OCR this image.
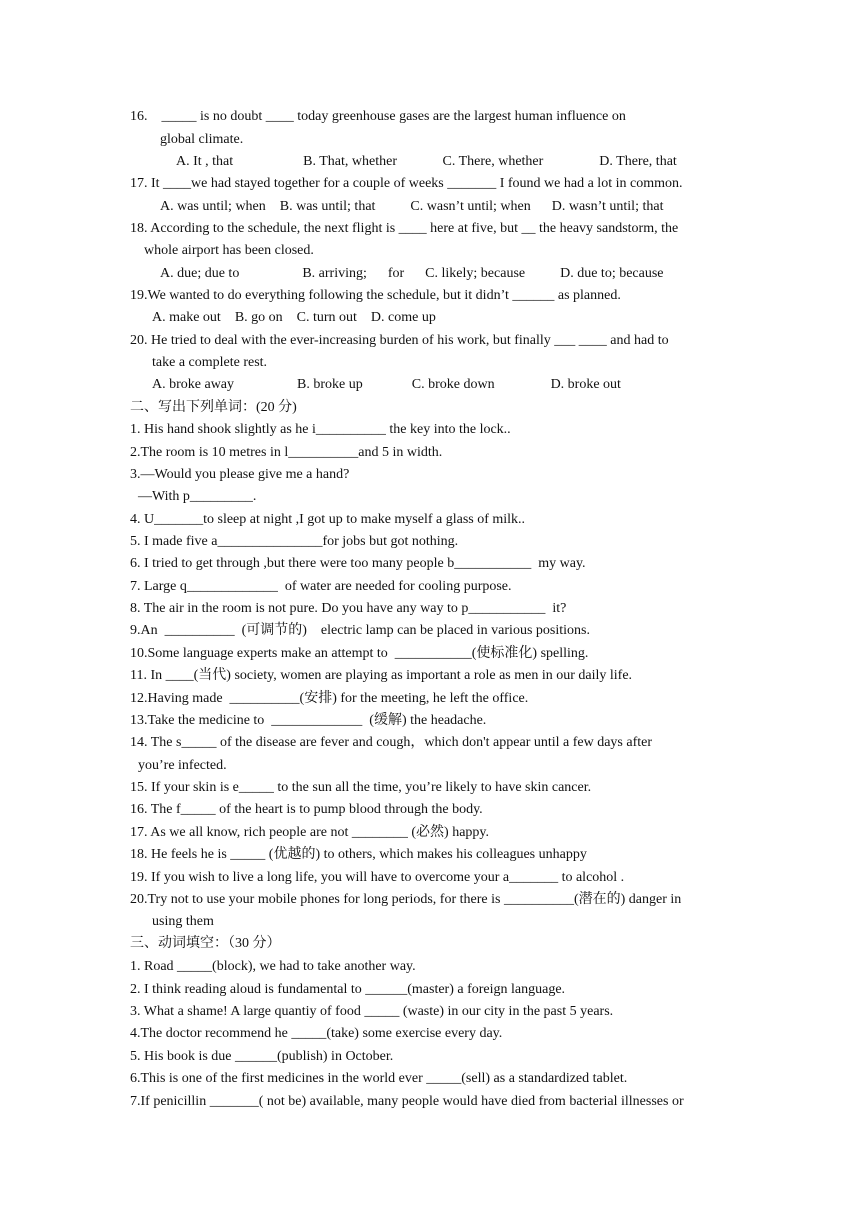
16.    _____ is no doubt ____ today greenhouse gases are the largest human influence on
global climate.
A. It , that                    B. That, whether             C. There, whether                D. There, that
17. It ____we had stayed together for a couple of weeks _______ I found we had a lot in common.
A. was until; when    B. was until; that          C. wasn’t until; when      D. wasn’t until; that
18. According to the schedule, the next flight is ____ here at five, but __ the heavy sandstorm, the
whole airport has been closed.
A. due; due to                  B. arriving;      for      C. likely; because          D. due to; because
19.We wanted to do everything following the schedule, but it didn’t ______ as planned.
A. make out    B. go on    C. turn out    D. come up
20. He tried to deal with the ever-increasing burden of his work, but finally ___ ____ and had to
take a complete rest.
A. broke away                  B. broke up              C. broke down                D. broke out
二、写出下列单词：(20 分)
1. His hand shook slightly as he i__________ the key into the lock..
2.The room is 10 metres in l__________and 5 in width.
3.—Would you please give me a hand?
—With p_________.
4. U_______to sleep at night ,I got up to make myself a glass of milk..
5. I made five a_______________for jobs but got nothing.
6. I tried to get through ,but there were too many people b___________  my way.
7. Large q_____________  of water are needed for cooling purpose.
8. The air in the room is not pure. Do you have any way to p___________  it?
9.An  __________  (可调节的)    electric lamp can be placed in various positions.
10.Some language experts make an attempt to  ___________(使标准化) spelling.
11. In ____(当代) society, women are playing as important a role as men in our daily life.
12.Having made  __________(安排) for the meeting, he left the office.
13.Take the medicine to  _____________  (缓解) the headache.
14. The s_____ of the disease are fever and cough，which don't appear until a few days after
you’re infected.
15. If your skin is e_____ to the sun all the time, you’re likely to have skin cancer.
16. The f_____ of the heart is to pump blood through the body.
17. As we all know, rich people are not ________ (必然) happy.
18. He feels he is _____ (优越的) to others, which makes his colleagues unhappy
19. If you wish to live a long life, you will have to overcome your a_______ to alcohol .
20.Try not to use your mobile phones for long periods, for there is __________(潜在的) danger in
using them
三、动词填空：（30 分）
1. Road _____(block), we had to take another way.
2. I think reading aloud is fundamental to ______(master) a foreign language.
3. What a shame! A large quantiy of food _____ (waste) in our city in the past 5 years.
4.The doctor recommend he _____(take) some exercise every day.
5. His book is due ______(publish) in October.
6.This is one of the first medicines in the world ever _____(sell) as a standardized tablet.
7.If penicillin _______( not be) available, many people would have died from bacterial illnesses or
